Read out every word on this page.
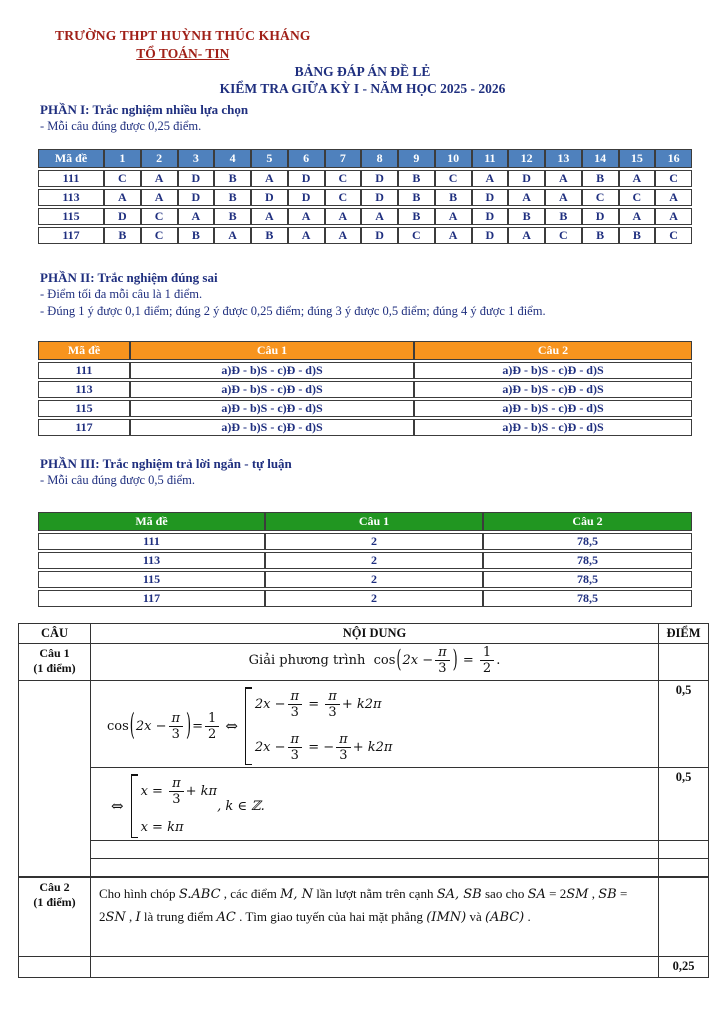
TRƯỜNG THPT HUỲNH THÚC KHÁNG
TỔ TOÁN- TIN
BẢNG ĐÁP ÁN ĐỀ LẺ
KIỂM TRA GIỮA KỲ I - NĂM HỌC 2025 - 2026
PHẦN I: Trắc nghiệm nhiều lựa chọn
- Mỗi câu đúng được 0,25 điểm.
Mã đề	1	2	3	4	5	6	7	8	9	10	11	12	13	14	15	16
111	C	A	D	B	A	D	C	D	B	C	A	D	A	B	A	C
113	A	A	D	B	D	D	C	D	B	B	D	A	A	C	C	A
115	D	C	A	B	A	A	A	A	B	A	D	B	B	D	A	A
117	B	C	B	A	B	A	A	D	C	A	D	A	C	B	B	C
PHẦN II: Trắc nghiệm đúng sai
- Điểm tối đa mỗi câu là 1 điểm.
- Đúng 1 ý được 0,1 điểm; đúng 2 ý được 0,25 điểm; đúng 3 ý được 0,5 điểm; đúng 4 ý được 1 điểm.
Mã đề	Câu 1	Câu 2
111	a)Đ - b)S - c)Đ - d)S	a)Đ - b)S - c)Đ - d)S
113	a)Đ - b)S - c)Đ - d)S	a)Đ - b)S - c)Đ - d)S
115	a)Đ - b)S - c)Đ - d)S	a)Đ - b)S - c)Đ - d)S
117	a)Đ - b)S - c)Đ - d)S	a)Đ - b)S - c)Đ - d)S
PHẦN III: Trắc nghiệm trả lời ngắn - tự luận
- Mỗi câu đúng được 0,5 điểm.
Mã đề	Câu 1	Câu 2
111	2	78,5
113	2	78,5
115	2	78,5
117	2	78,5
CÂU	NỘI DUNG	ĐIỂM
Câu 1
(1 điểm)	Giải phương trình $\cos(2x - \frac{\pi}{3}$ ) = $\frac{1}{2}$ .	

cos ( $2x - \frac{\pi}{3}$ ) = $\frac{1}{2}$ ⇔
$2x - \frac{\pi}{3} = \frac{\pi}{3} + k2\pi$
$2x - \frac{\pi}{3}$ = − $\frac{\pi}{3} + k2\pi$
	0,5

⇔
$x = \frac{\pi}{3} + k\pi$
x = kπ
, k ∈ ℤ.
	0,5

Câu 2
(1 điểm)	Cho hình chóp S.ABC , các điểm M, N lần lượt nằm trên cạnh SA, SB sao cho SA = 2SM , SB = 2SN , I là trung điểm AC . Tìm giao tuyến của hai mặt phẳng (IMN) và (ABC) .	

		0,25
